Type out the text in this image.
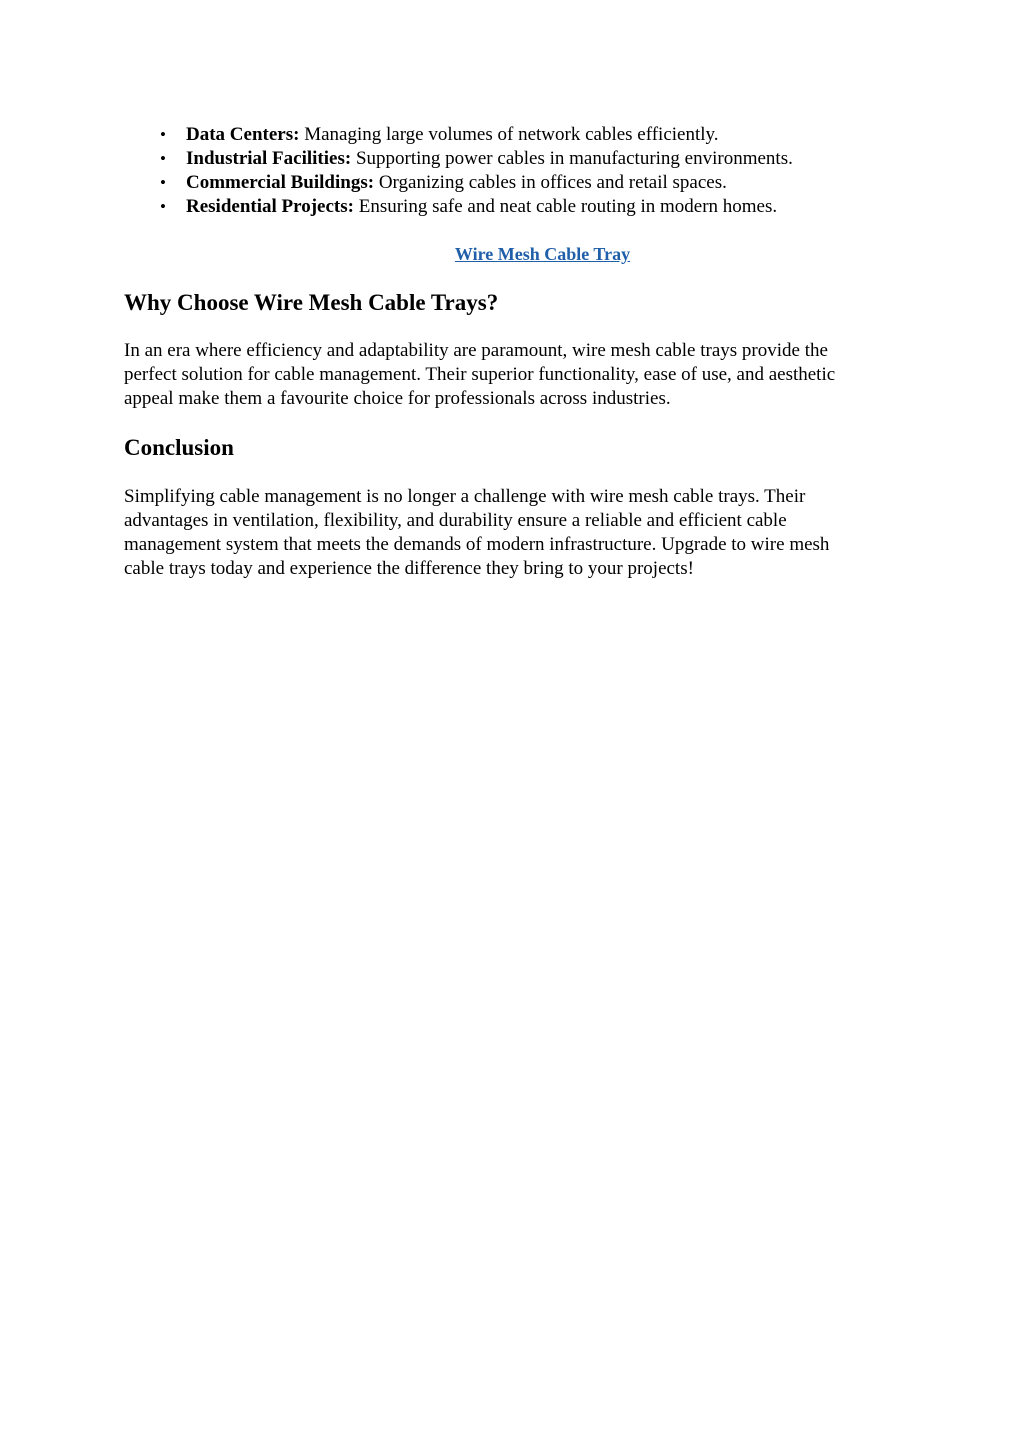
• Data Centers: Managing large volumes of network cables efficiently.
• Industrial Facilities: Supporting power cables in manufacturing environments.
• Commercial Buildings: Organizing cables in offices and retail spaces.
• Residential Projects: Ensuring safe and neat cable routing in modern homes.
Wire Mesh Cable Tray
Why Choose Wire Mesh Cable Trays?

In an era where efficiency and adaptability are paramount, wire mesh cable trays provide the
perfect solution for cable management. Their superior functionality, ease of use, and aesthetic
appeal make them a favourite choice for professionals across industries.

Conclusion

Simplifying cable management is no longer a challenge with wire mesh cable trays. Their
advantages in ventilation, flexibility, and durability ensure a reliable and efficient cable
management system that meets the demands of modern infrastructure. Upgrade to wire mesh
cable trays today and experience the difference they bring to your projects!
